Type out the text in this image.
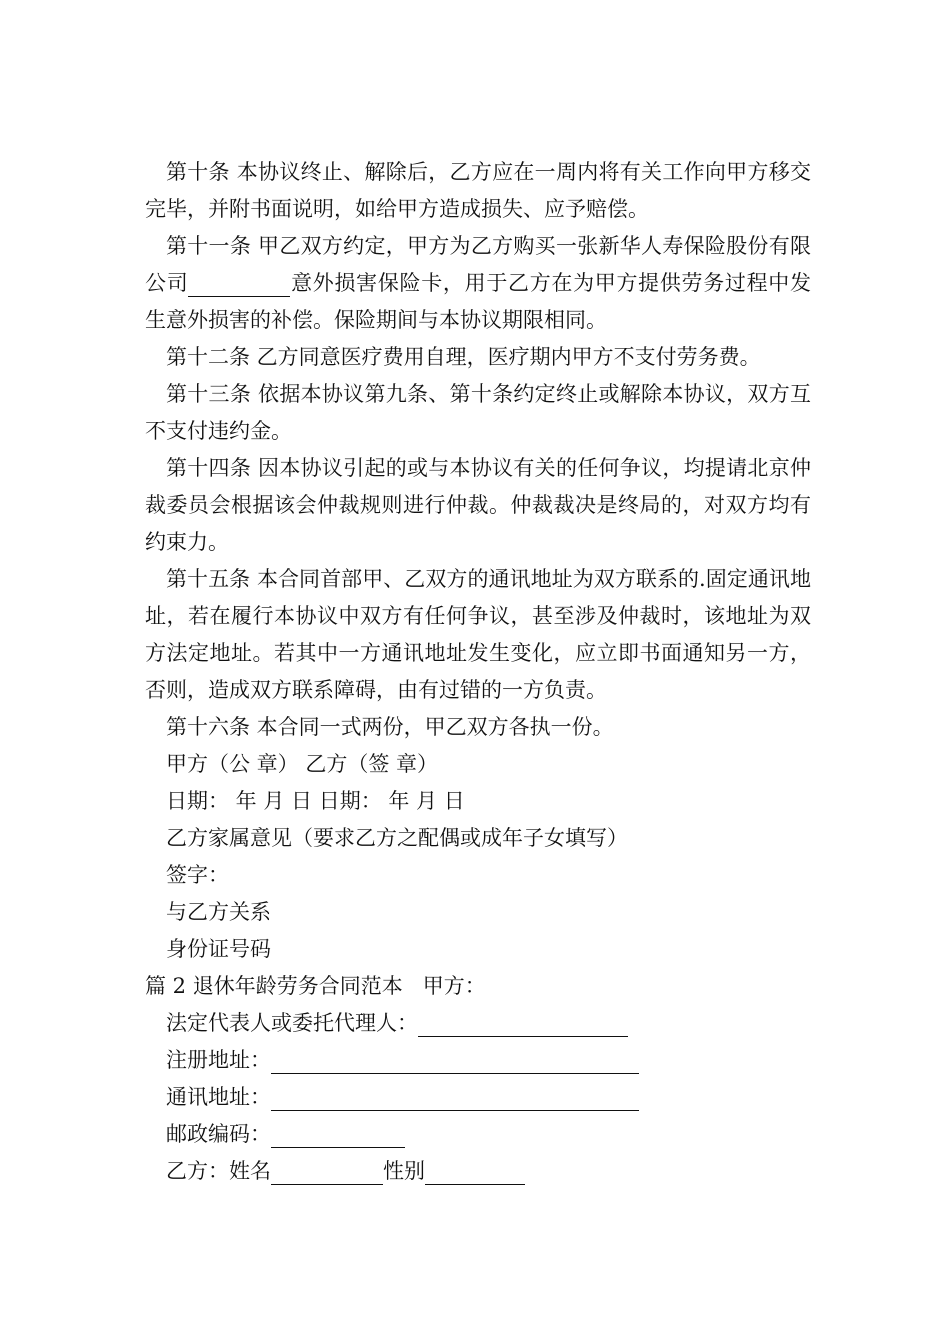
第十条 本协议终止、解除后，乙方应在一周内将有关工作向甲方移交完毕，并附书面说明，如给甲方造成损失、应予赔偿。

第十一条 甲乙双方约定，甲方为乙方购买一张新华人寿保险股份有限公司	意外损害保险卡，用于乙方在为甲方提供劳务过程中发生意外损害的补偿。保险期间与本协议期限相同。

第十二条 乙方同意医疗费用自理，医疗期内甲方不支付劳务费。

第十三条 依据本协议第九条、第十条约定终止或解除本协议，双方互不支付违约金。

第十四条 因本协议引起的或与本协议有关的任何争议，均提请北京仲裁委员会根据该会仲裁规则进行仲裁。仲裁裁决是终局的，对双方均有约束力。

第十五条 本合同首部甲、乙双方的通讯地址为双方联系的.固定通讯地址，若在履行本协议中双方有任何争议，甚至涉及仲裁时，该地址为双方法定地址。若其中一方通讯地址发生变化，应立即书面通知另一方，否则，造成双方联系障碍，由有过错的一方负责。

第十六条 本合同一式两份，甲乙双方各执一份。

甲方（公 章） 乙方（签 章）

日期： 年 月 日 日期： 年 月 日

乙方家属意见（要求乙方之配偶或成年子女填写）

签字：

与乙方关系

身份证号码

篇 2 退休年龄劳务合同范本 甲方：

法定代表人或委托代理人：

注册地址：

通讯地址：

邮政编码：

乙方：姓名	性别
